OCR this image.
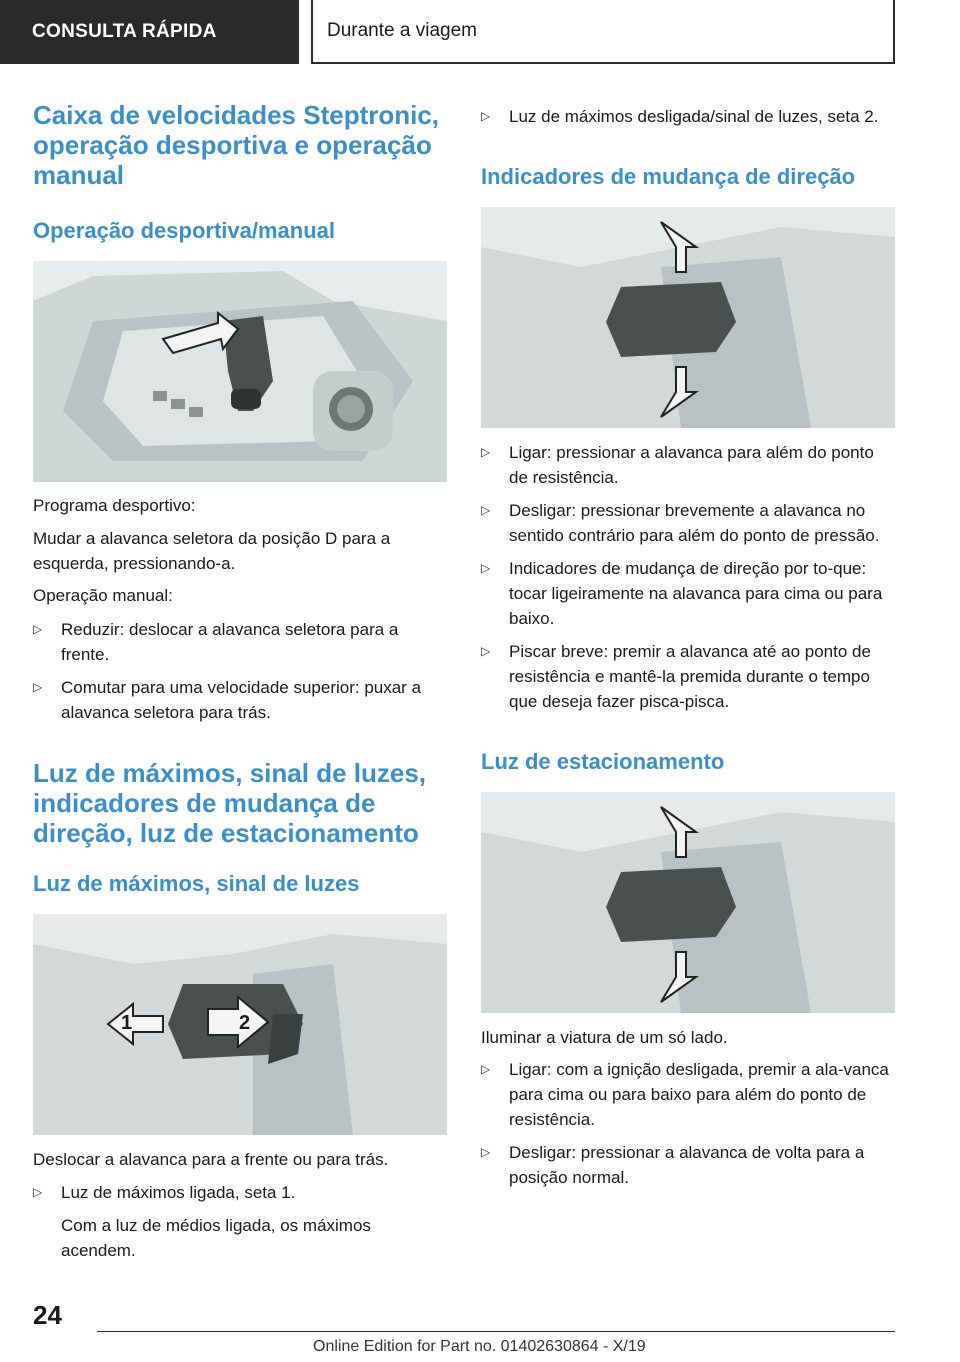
CONSULTA RÁPIDA	Durante a viagem
Caixa de velocidades Steptronic, operação desportiva e operação manual
Operação desportiva/manual

Programa desportivo:

Mudar a alavanca seletora da posição D para a esquerda, pressionando-a.

Operação manual:

▷ Reduzir: deslocar a alavanca seletora para a frente.
▷ Comutar para uma velocidade superior: puxar a alavanca seletora para trás.
Luz de máximos, sinal de luzes, indicadores de mudança de direção, luz de estacionamento
Luz de máximos, sinal de luzes
1	2

Deslocar a alavanca para a frente ou para trás.

▷ Luz de máximos ligada, seta 1.

Com a luz de médios ligada, os máximos acendem.

▷ Luz de máximos desligada/sinal de luzes, seta 2.
Indicadores de mudança de direção
▷ Ligar: pressionar a alavanca para além do ponto de resistência.
▷ Desligar: pressionar brevemente a alavanca no sentido contrário para além do ponto de pressão.
▷ Indicadores de mudança de direção por to-que: tocar ligeiramente na alavanca para cima ou para baixo.
▷ Piscar breve: premir a alavanca até ao ponto de resistência e mantê-la premida durante o tempo que deseja fazer pisca-pisca.
Luz de estacionamento

Iluminar a viatura de um só lado.

▷ Ligar: com a ignição desligada, premir a ala-vanca para cima ou para baixo para além do ponto de resistência.
▷ Desligar: pressionar a alavanca de volta para a posição normal.
24
Online Edition for Part no. 01402630864 - X/19
